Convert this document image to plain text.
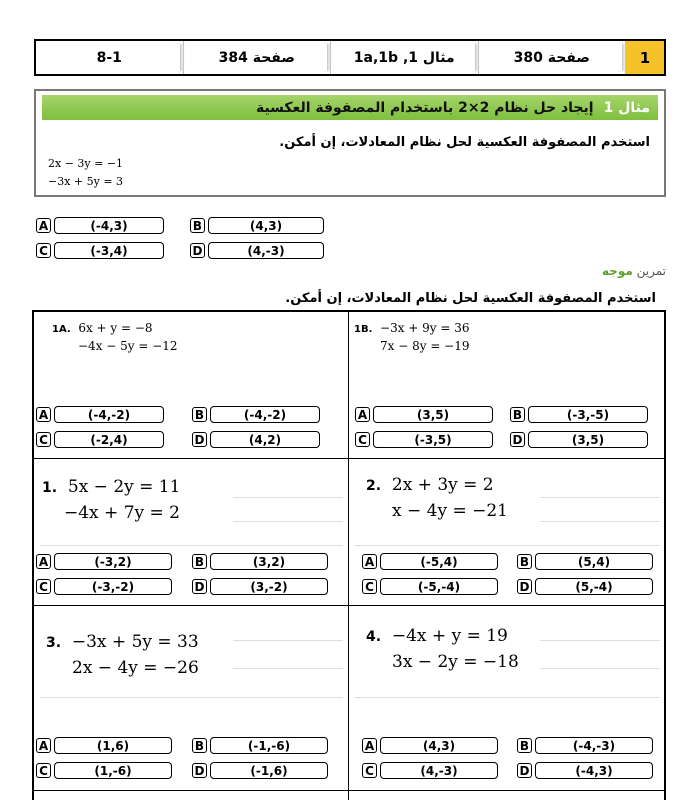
8-1	صفحة 384	مثال 1, 1a,1b	صفحة 380	1
مثال 1
إيجاد حل نظام 2×2 باستخدام المصفوفة العكسية
استخدم المصفوفة العكسية لحل نظام المعادلات، إن أمكن.
2x − 3y = −1
−3x + 5y = 3
A	(-4,3)	B	(4,3)
C	(-3,4)	D	(4,-3)
تمرين موجه
استخدم المصفوفة العكسية لحل نظام المعادلات، إن أمكن.
1A. 6x + y = −8
−4x − 5y = −12
1B. −3x + 9y = 36
7x − 8y = −19
1. 5x − 2y = 11
−4x + 7y = 2
2. 2x + 3y = 2
x − 4y = −21
3. −3x + 5y = 33
2x − 4y = −26
4. −4x + y = 19
3x − 2y = −18
A	(-4,-2)	B	(-4,-2)
C	(-2,4)	D	(4,2)
A	(3,5)	B	(-3,-5)
C	(-3,5)	D	(3,5)
A	(-3,2)	B	(3,2)
C	(-3,-2)	D	(3,-2)
A	(-5,4)	B	(5,4)
C	(-5,-4)	D	(5,-4)
A	(1,6)	B	(-1,-6)
C	(1,-6)	D	(-1,6)
A	(4,3)	B	(-4,-3)
C	(4,-3)	D	(-4,3)
